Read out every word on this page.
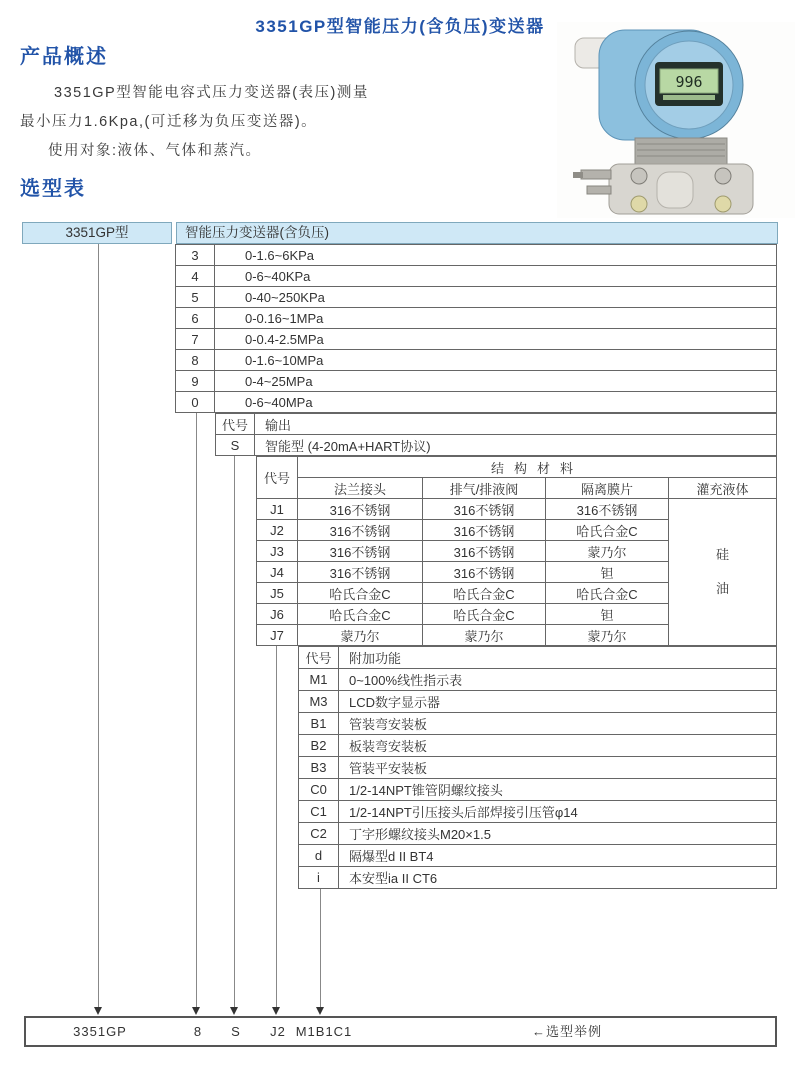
3351GP型智能压力(含负压)变送器
产品概述
3351GP型智能电容式压力变送器(表压)测量
最小压力1.6Kpa,(可迁移为负压变送器)。
使用对象:液体、气体和蒸汽。
选型表
996
3351GP型	智能压力变送器(含负压)
3	0-1.6~6KPa
4	0-6~40KPa
5	0-40~250KPa
6	0-0.16~1MPa
7	0-0.4-2.5MPa
8	0-1.6~10MPa
9	0-4~25MPa
0	0-6~40MPa
代号	输出
S	智能型 (4-20mA+HART协议)
代号
结构材料
法兰接头	排气/排液阀	隔离膜片	灌充液体
J1	316不锈钢	316不锈钢	316不锈钢
J2	316不锈钢	316不锈钢	哈氏合金C
J3	316不锈钢	316不锈钢	蒙乃尔
J4	316不锈钢	316不锈钢	钽
J5	哈氏合金C	哈氏合金C	哈氏合金C
J6	哈氏合金C	哈氏合金C	钽
J7	蒙乃尔	蒙乃尔	蒙乃尔
硅油
代号	附加功能
M1	0~100%线性指示表
M3	LCD数字显示器
B1	管装弯安装板
B2	板装弯安装板
B3	管装平安装板
C0	1/2-14NPT锥管阴螺纹接头
C1	1/2-14NPT引压接头后部焊接引压管φ14
C2	丁字形螺纹接头M20×1.5
d	隔爆型d II BT4
i	本安型ia II CT6
3351GP	8 S J2 M1B1C1	←选型举例
